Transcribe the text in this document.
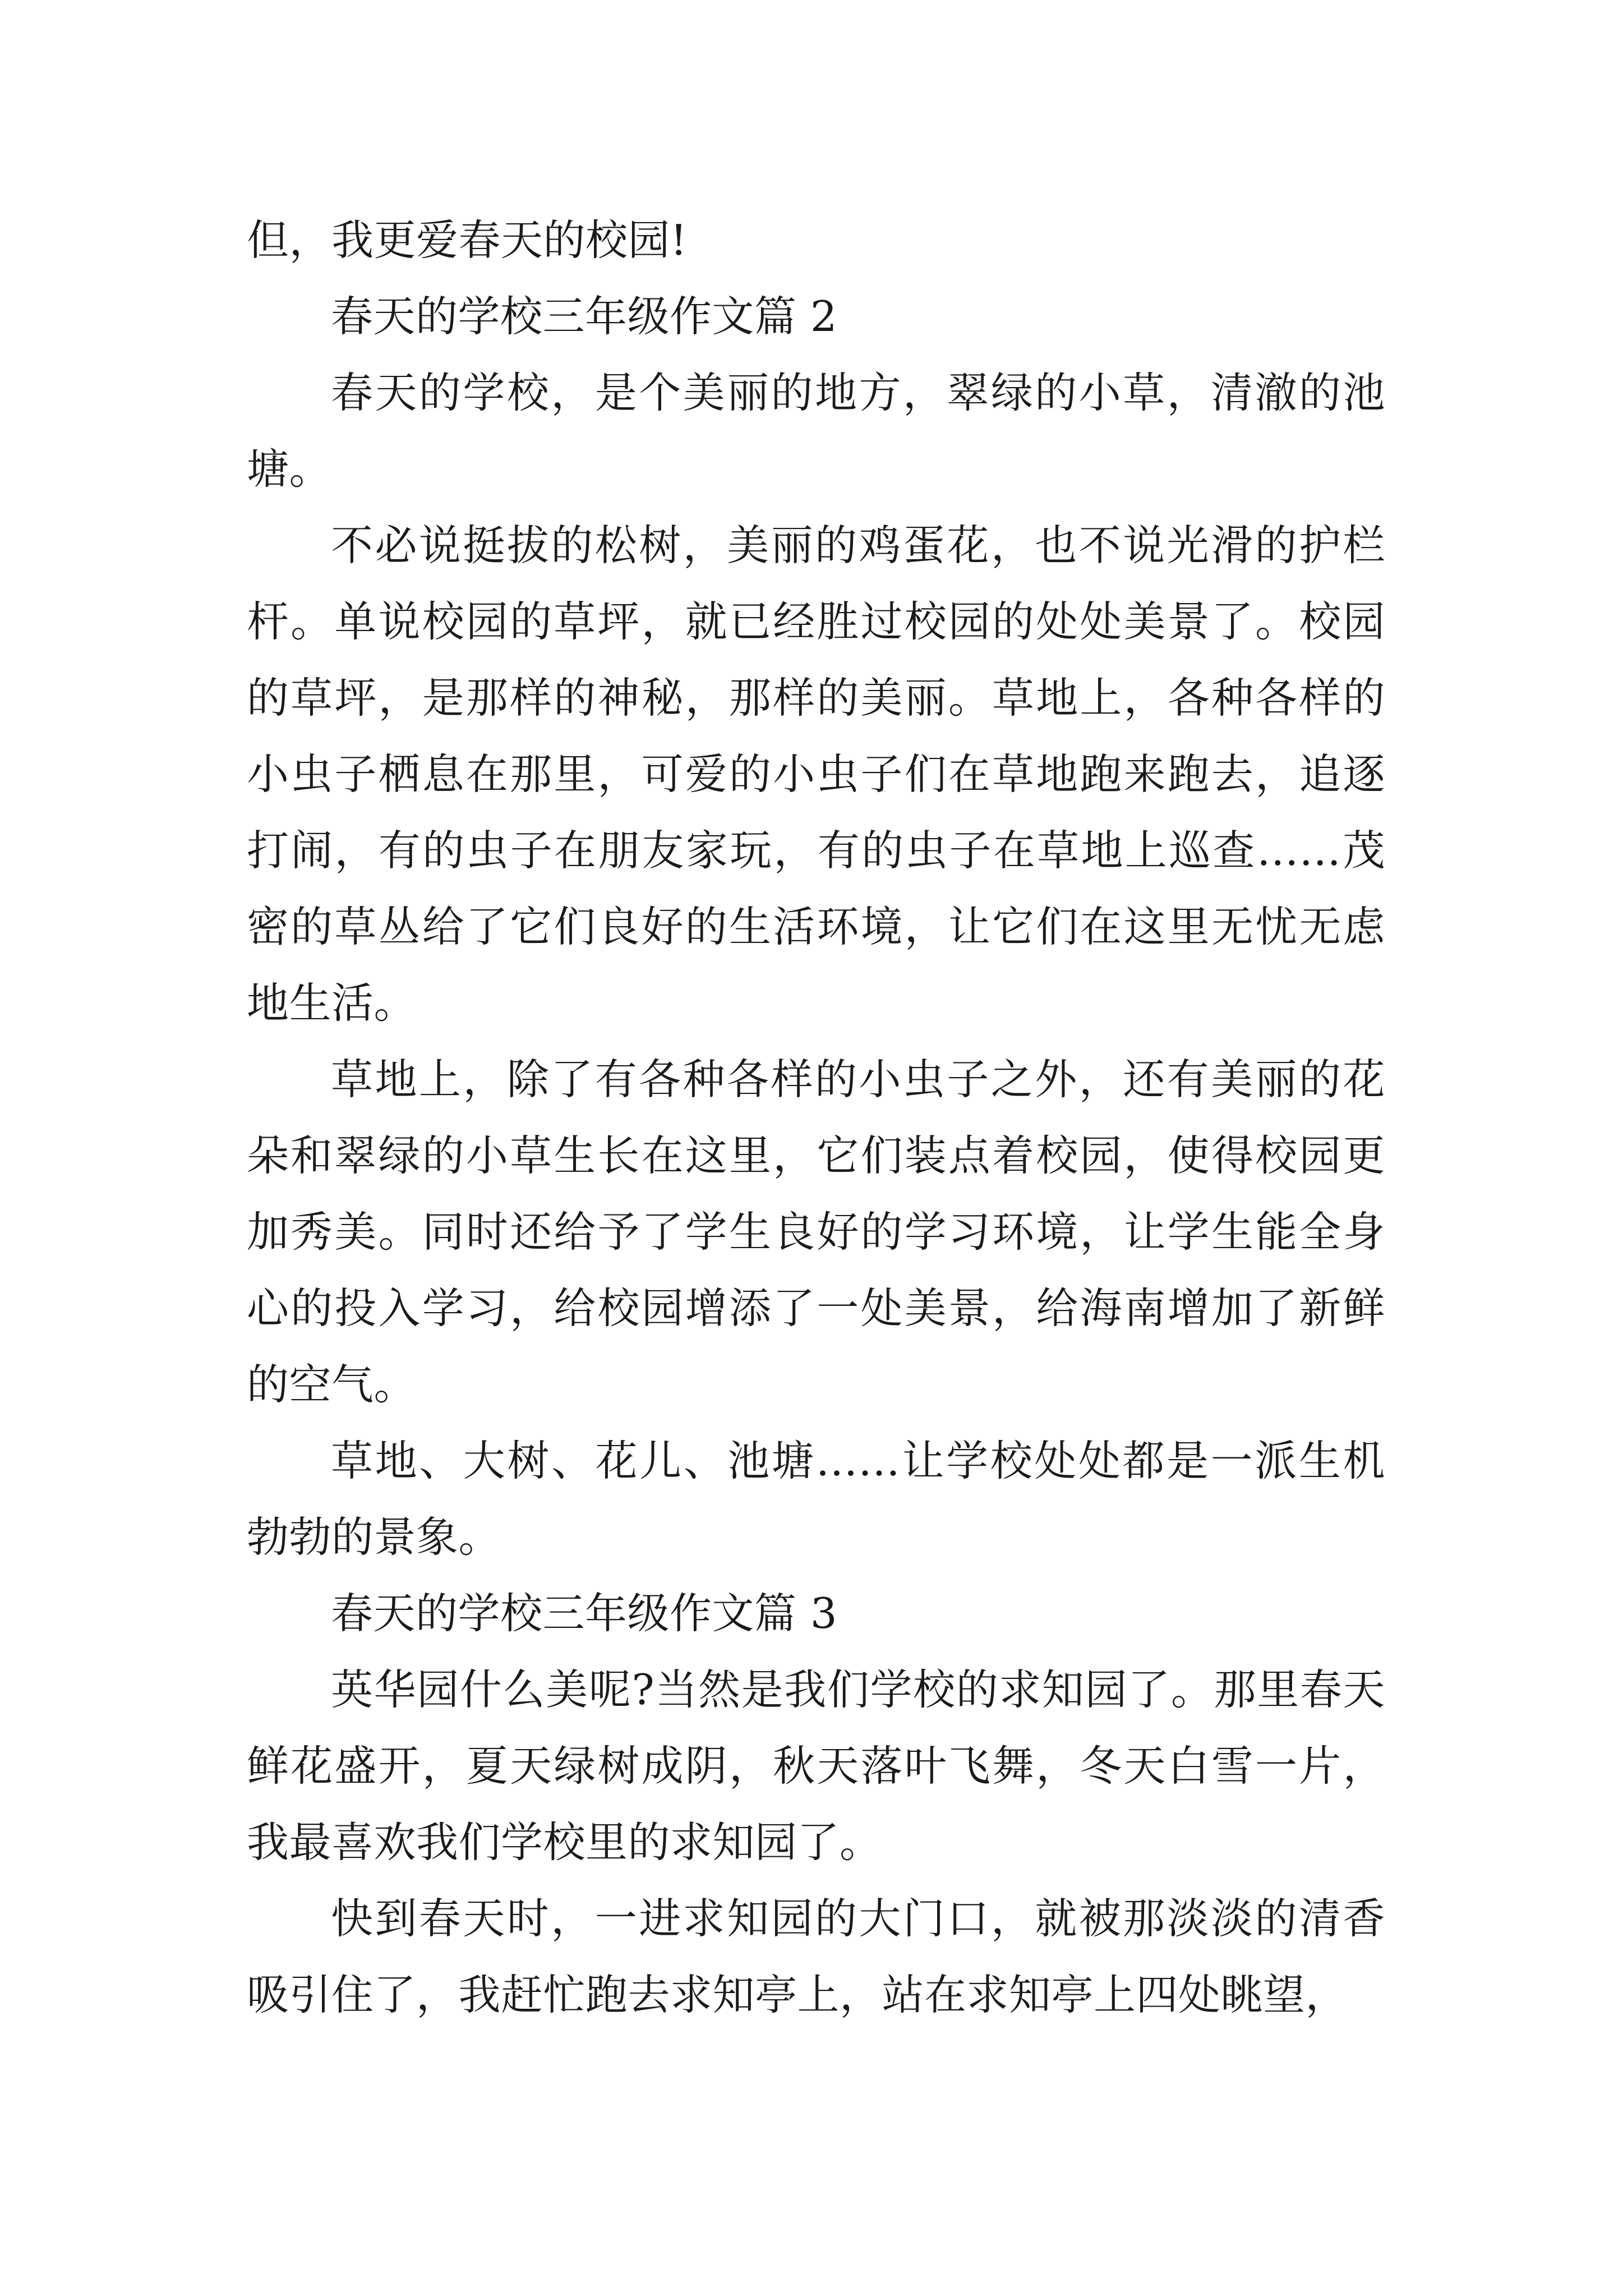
但，我更爱春天的校园!

春天的学校三年级作文篇 2

春天的学校，是个美丽的地方，翠绿的小草，清澈的池塘。

不必说挺拔的松树，美丽的鸡蛋花，也不说光滑的护栏杆。单说校园的草坪，就已经胜过校园的处处美景了。校园的草坪，是那样的神秘，那样的美丽。草地上，各种各样的小虫子栖息在那里，可爱的小虫子们在草地跑来跑去，追逐打闹，有的虫子在朋友家玩，有的虫子在草地上巡查……茂密的草丛给了它们良好的生活环境，让它们在这里无忧无虑地生活。

草地上，除了有各种各样的小虫子之外，还有美丽的花朵和翠绿的小草生长在这里，它们装点着校园，使得校园更加秀美。同时还给予了学生良好的学习环境，让学生能全身心的投入学习，给校园增添了一处美景，给海南增加了新鲜的空气。

草地、大树、花儿、池塘……让学校处处都是一派生机勃勃的景象。

春天的学校三年级作文篇 3

英华园什么美呢?当然是我们学校的求知园了。那里春天鲜花盛开，夏天绿树成阴，秋天落叶飞舞，冬天白雪一片，我最喜欢我们学校里的求知园了。

快到春天时，一进求知园的大门口，就被那淡淡的清香吸引住了，我赶忙跑去求知亭上，站在求知亭上四处眺望，
